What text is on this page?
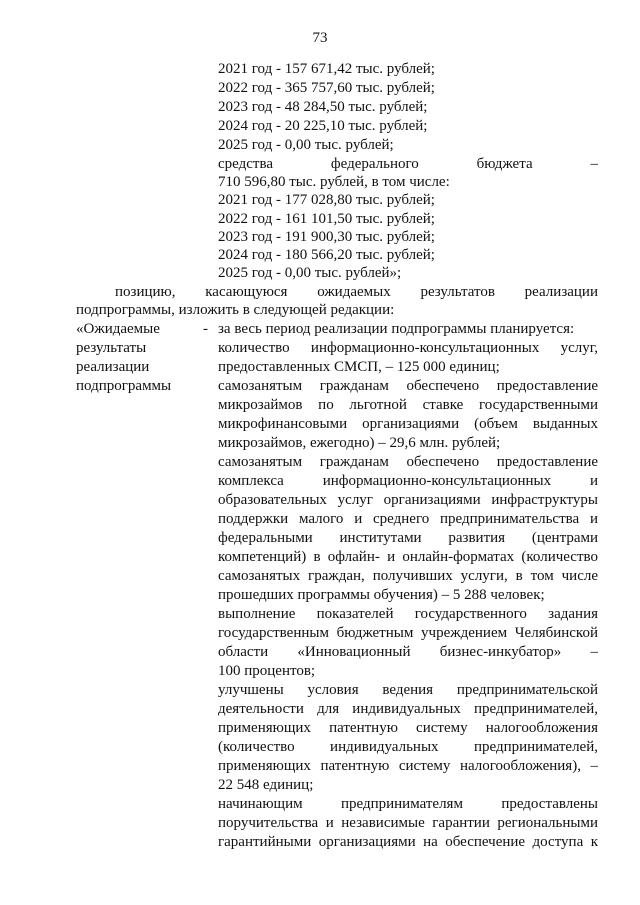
73
2021 год - 157 671,42 тыс. рублей;
2022 год - 365 757,60 тыс. рублей;
2023 год - 48 284,50 тыс. рублей;
2024 год - 20 225,10 тыс. рублей;
2025 год - 0,00 тыс. рублей;
средства федерального бюджета –
710 596,80 тыс. рублей, в том числе:
2021 год - 177 028,80 тыс. рублей;
2022 год - 161 101,50 тыс. рублей;
2023 год - 191 900,30 тыс. рублей;
2024 год - 180 566,20 тыс. рублей;
2025 год - 0,00 тыс. рублей»;
позицию, касающуюся ожидаемых результатов реализации
подпрограммы, изложить в следующей редакции:
«Ожидаемые
результаты
реализации
подпрограммы
- за весь период реализации подпрограммы планируется:
количество информационно-консультационных услуг,
предоставленных СМСП, – 125 000 единиц;
самозанятым гражданам обеспечено предоставление
микрозаймов по льготной ставке государственными
микрофинансовыми организациями (объем выданных
микрозаймов, ежегодно) – 29,6 млн. рублей;
самозанятым гражданам обеспечено предоставление
комплекса информационно-консультационных и
образовательных услуг организациями инфраструктуры
поддержки малого и среднего предпринимательства и
федеральными институтами развития (центрами
компетенций) в офлайн- и онлайн-форматах (количество
самозанятых граждан, получивших услуги, в том числе
прошедших программы обучения) – 5 288 человек;
выполнение показателей государственного задания
государственным бюджетным учреждением Челябинской
области «Инновационный бизнес-инкубатор» –
100 процентов;
улучшены условия ведения предпринимательской
деятельности для индивидуальных предпринимателей,
применяющих патентную систему налогообложения
(количество индивидуальных предпринимателей,
применяющих патентную систему налогообложения), –
22 548 единиц;
начинающим предпринимателям предоставлены
поручительства и независимые гарантии региональными
гарантийными организациями на обеспечение доступа к
